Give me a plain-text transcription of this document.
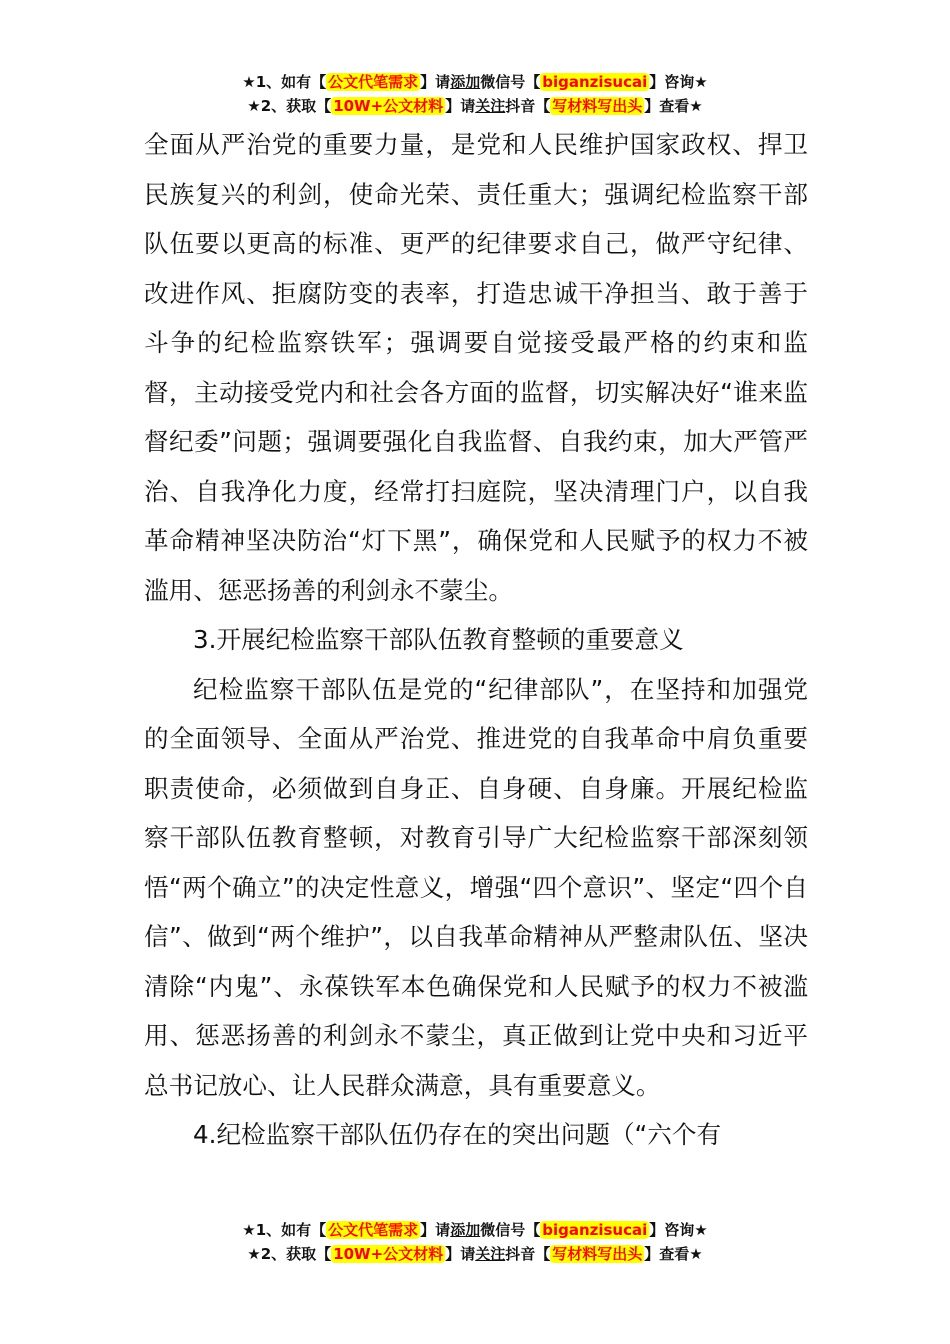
★1、如有【 公文代笔需求 】请添加微信号【 biganzisucai 】咨询★
★2、获取【 10W+公文材料 】请关注抖音【 写材料写出头 】查看★

全面从严治党的重要力量，是党和人民维护国家政权、捍卫民族复兴的利剑，使命光荣、责任重大；强调纪检监察干部队伍要以更高的标准、更严的纪律要求自己，做严守纪律、改进作风、拒腐防变的表率，打造忠诚干净担当、敢于善于斗争的纪检监察铁军；强调要自觉接受最严格的约束和监督，主动接受党内和社会各方面的监督，切实解决好“谁来监督纪委”问题；强调要强化自我监督、自我约束，加大严管严治、自我净化力度，经常打扫庭院，坚决清理门户，以自我革命精神坚决防治“灯下黑”，确保党和人民赋予的权力不被滥用、惩恶扬善的利剑永不蒙尘。

3.开展纪检监察干部队伍教育整顿的重要意义

纪检监察干部队伍是党的“纪律部队”，在坚持和加强党的全面领导、全面从严治党、推进党的自我革命中肩负重要职责使命，必须做到自身正、自身硬、自身廉。开展纪检监察干部队伍教育整顿，对教育引导广大纪检监察干部深刻领悟“两个确立”的决定性意义，增强“四个意识”、坚定“四个自信”、做到“两个维护”，以自我革命精神从严整肃队伍、坚决清除“内鬼”、永葆铁军本色确保党和人民赋予的权力不被滥用、惩恶扬善的利剑永不蒙尘，真正做到让党中央和习近平总书记放心、让人民群众满意，具有重要意义。

4.纪检监察干部队伍仍存在的突出问题（“六个有

★1、如有【 公文代笔需求 】请添加微信号【 biganzisucai 】咨询★
★2、获取【 10W+公文材料 】请关注抖音【 写材料写出头 】查看★
